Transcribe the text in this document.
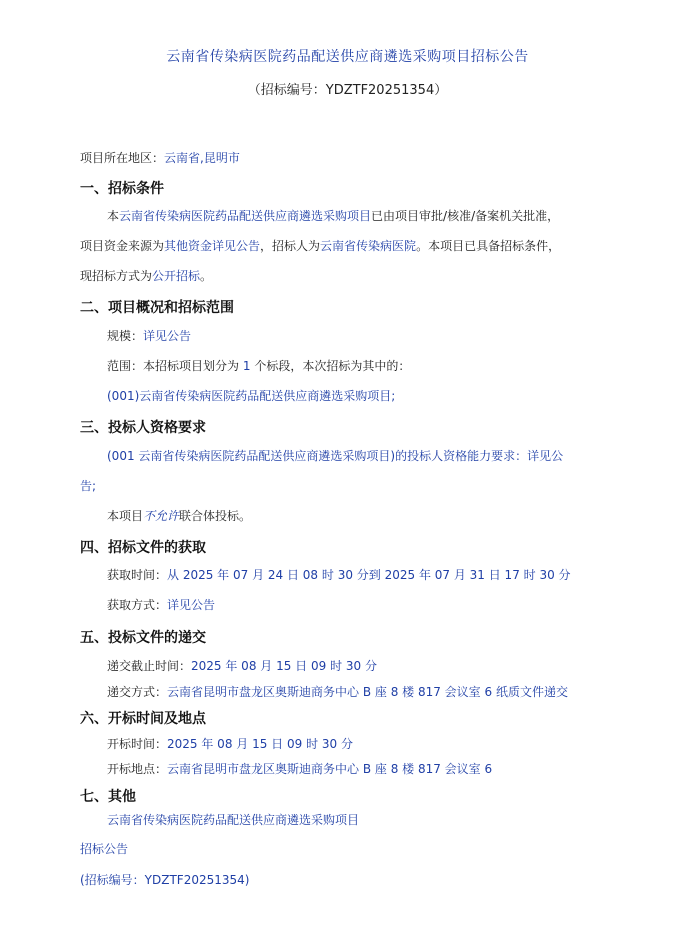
云南省传染病医院药品配送供应商遴选采购项目招标公告
（招标编号：YDZTF20251354）
项目所在地区：云南省,昆明市
一、招标条件
本云南省传染病医院药品配送供应商遴选采购项目已由项目审批/核准/备案机关批准，
项目资金来源为其他资金详见公告，招标人为云南省传染病医院。本项目已具备招标条件，
现招标方式为公开招标。
二、项目概况和招标范围
规模：详见公告
范围：本招标项目划分为 1 个标段，本次招标为其中的：
(001)云南省传染病医院药品配送供应商遴选采购项目;
三、投标人资格要求
(001 云南省传染病医院药品配送供应商遴选采购项目)的投标人资格能力要求：详见公
告;
本项目不允许联合体投标。
四、招标文件的获取
获取时间：从 2025 年 07 月 24 日 08 时 30 分到 2025 年 07 月 31 日 17 时 30 分
获取方式：详见公告
五、投标文件的递交
递交截止时间：2025 年 08 月 15 日 09 时 30 分
递交方式：云南省昆明市盘龙区奥斯迪商务中心 B 座 8 楼 817 会议室 6 纸质文件递交
六、开标时间及地点
开标时间：2025 年 08 月 15 日 09 时 30 分
开标地点：云南省昆明市盘龙区奥斯迪商务中心 B 座 8 楼 817 会议室 6
七、其他
云南省传染病医院药品配送供应商遴选采购项目
招标公告
(招标编号：YDZTF20251354)
